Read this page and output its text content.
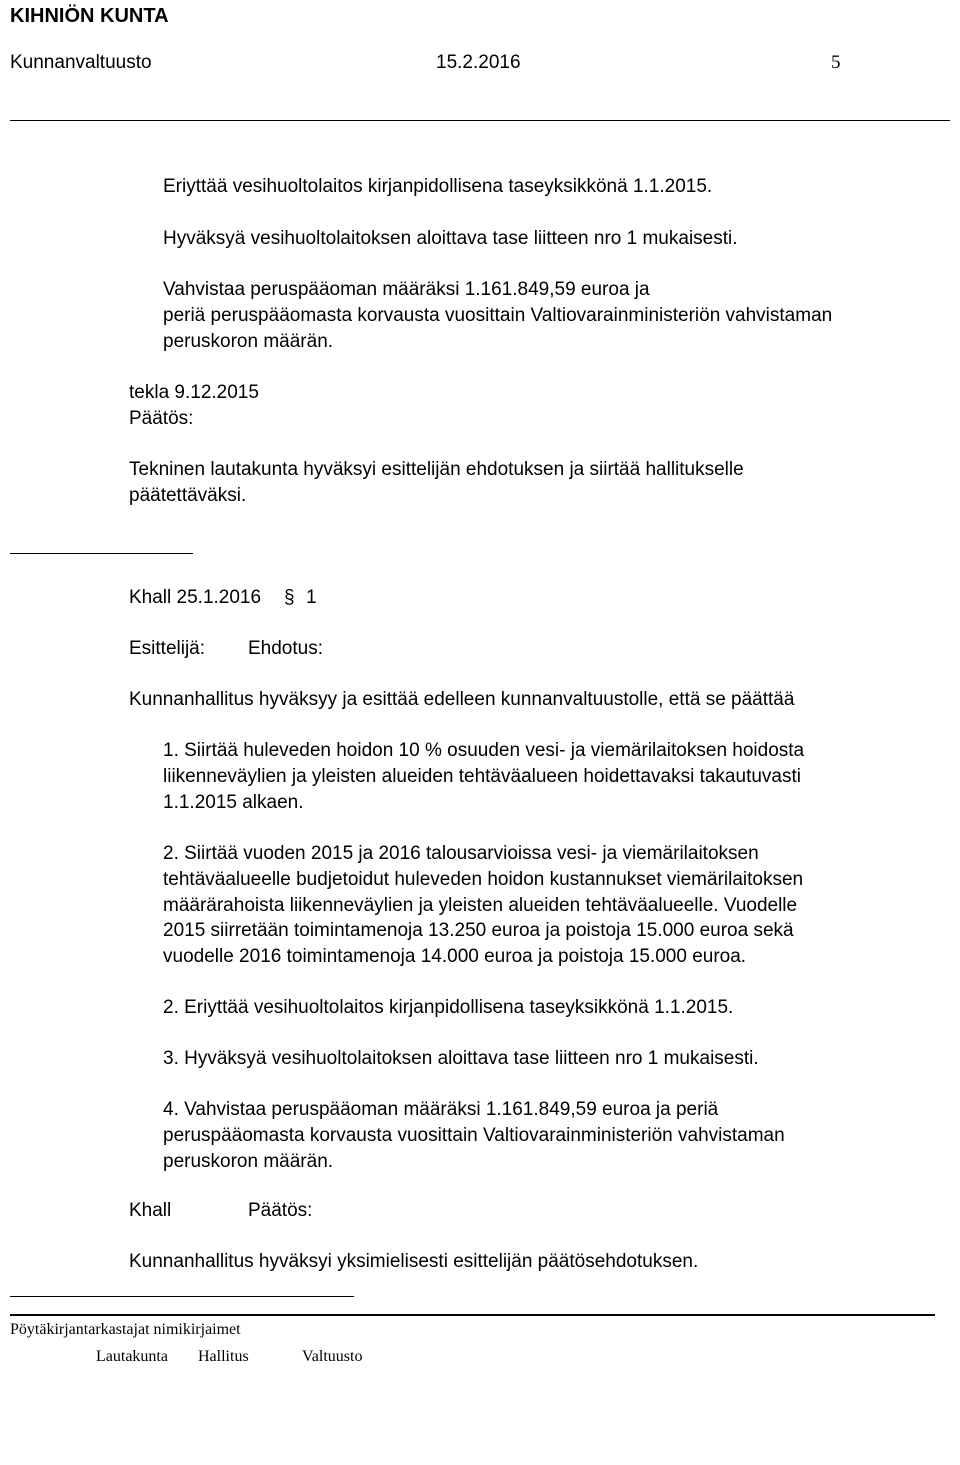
KIHNIÖN KUNTA
Kunnanvaltuusto	15.2.2016	5
Eriyttää vesihuoltolaitos kirjanpidollisena taseyksikkönä 1.1.2015.
Hyväksyä vesihuoltolaitoksen aloittava tase liitteen nro 1 mukaisesti.
Vahvistaa peruspääoman määräksi 1.161.849,59 euroa ja
periä peruspääomasta korvausta vuosittain Valtiovarainministeriön vahvistaman
peruskoron määrän.
tekla 9.12.2015
Päätös:
Tekninen lautakunta hyväksyi esittelijän ehdotuksen ja siirtää hallitukselle
päätettäväksi.
Khall 25.1.2016 § 1
Esittelijä: Ehdotus:
Kunnanhallitus hyväksyy ja esittää edelleen kunnanvaltuustolle, että se päättää
1. Siirtää huleveden hoidon 10 % osuuden vesi- ja viemärilaitoksen hoidosta
liikenneväylien ja yleisten alueiden tehtäväalueen hoidettavaksi takautuvasti
1.1.2015 alkaen.
2. Siirtää vuoden 2015 ja 2016 talousarvioissa vesi- ja viemärilaitoksen
tehtäväalueelle budjetoidut huleveden hoidon kustannukset viemärilaitoksen
määrärahoista liikenneväylien ja yleisten alueiden tehtäväalueelle. Vuodelle
2015 siirretään toimintamenoja 13.250 euroa ja poistoja 15.000 euroa sekä
vuodelle 2016 toimintamenoja 14.000 euroa ja poistoja 15.000 euroa.
2. Eriyttää vesihuoltolaitos kirjanpidollisena taseyksikkönä 1.1.2015.
3. Hyväksyä vesihuoltolaitoksen aloittava tase liitteen nro 1 mukaisesti.
4. Vahvistaa peruspääoman määräksi 1.161.849,59 euroa ja periä
peruspääomasta korvausta vuosittain Valtiovarainministeriön vahvistaman
peruskoron määrän.
Khall	Päätös:
Kunnanhallitus hyväksyi yksimielisesti esittelijän päätösehdotuksen.
Pöytäkirjantarkastajat nimikirjaimet
Lautakunta Hallitus	Valtuusto
